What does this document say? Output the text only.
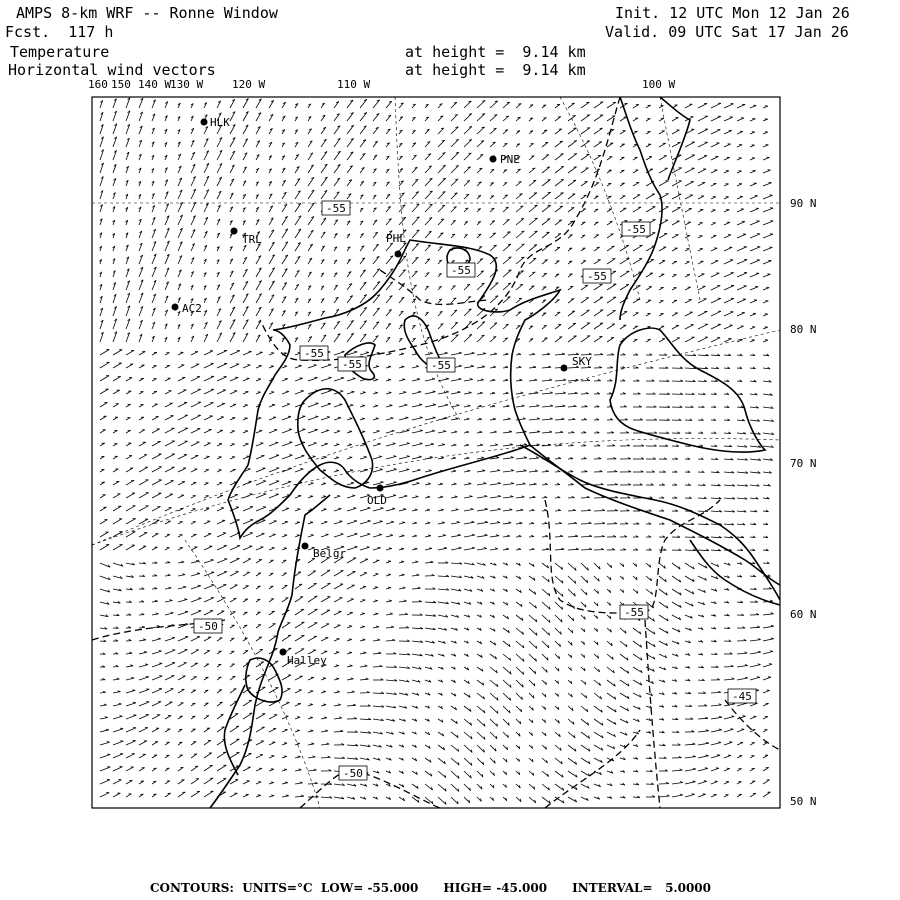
AMPS 8-km WRF -- Ronne Window
Fcst.  117 h
Init. 12 UTC Mon 12 Jan 26
Valid. 09 UTC Sat 17 Jan 26
Temperature
Horizontal wind vectors
at height =  9.14 km
at height =  9.14 km
160 150 140 W
130 W	120 W	110 W	100 W
90 N
80 N
70 N
60 N
50 N
HLK
PNE
TRL	PHL
AC2
SKY
OLD
Belgr
Halley
-55
-55
-55	-55
-55
-55	-55
-55
-50
-50
-45
CONTOURS:  UNITS=°C  LOW= -55.000      HIGH= -45.000      INTERVAL=   5.0000
